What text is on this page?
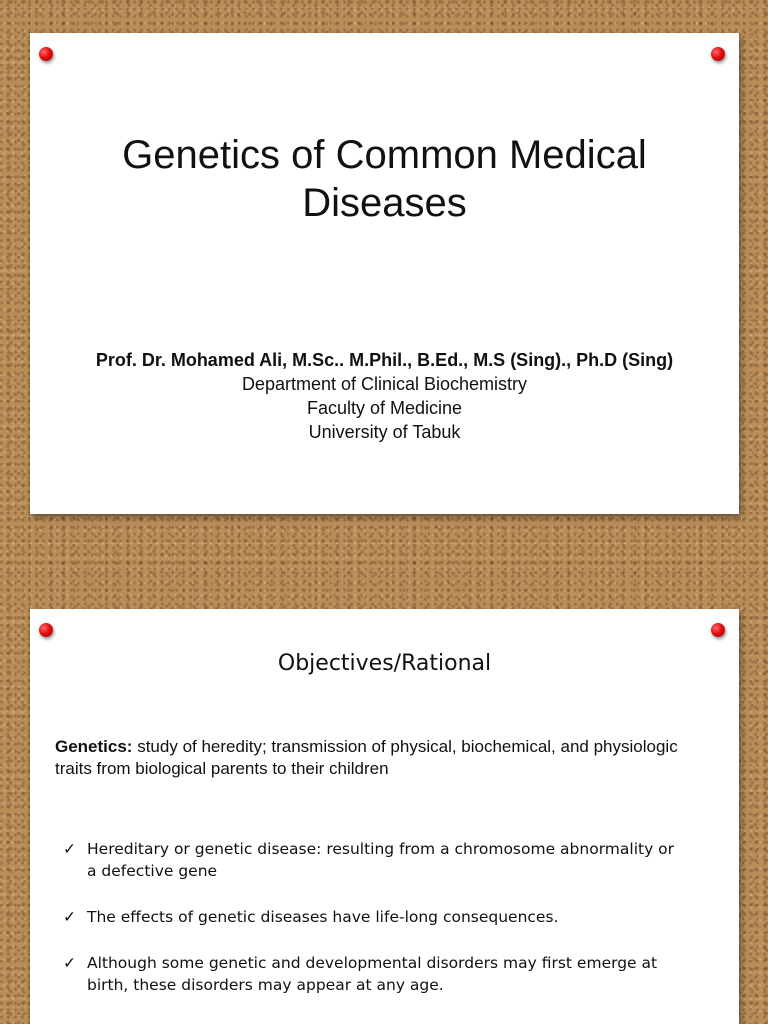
Genetics of Common Medical
Diseases
Prof. Dr. Mohamed Ali, M.Sc.. M.Phil., B.Ed., M.S (Sing)., Ph.D (Sing)
Department of Clinical Biochemistry
Faculty of Medicine
University of Tabuk
Objectives/Rational
Genetics: study of heredity; transmission of physical, biochemical, and physiologic traits from biological parents to their children
✓ Hereditary or genetic disease: resulting from a chromosome abnormality or a defective gene
✓ The effects of genetic diseases have life-long consequences.
✓ Although some genetic and developmental disorders may first emerge at birth, these disorders may appear at any age.
